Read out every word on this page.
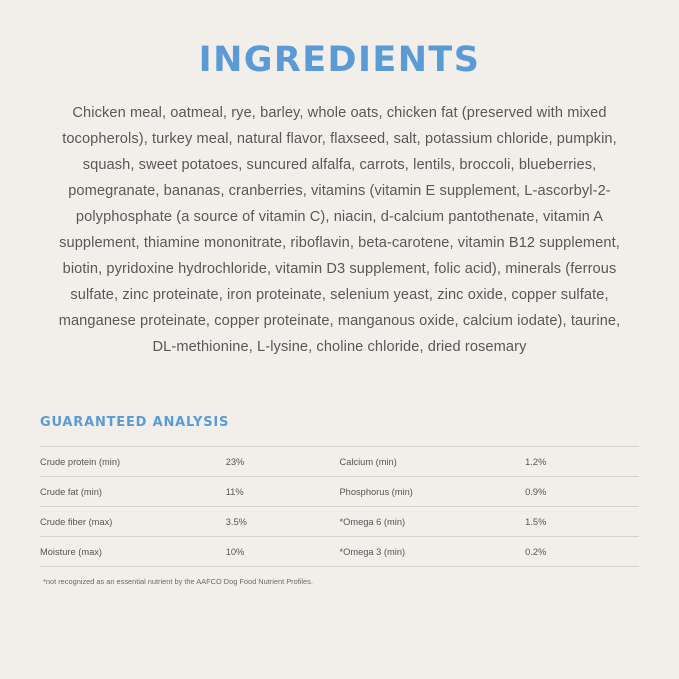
INGREDIENTS

Chicken meal, oatmeal, rye, barley, whole oats, chicken fat (preserved with mixed tocopherols), turkey meal, natural flavor, flaxseed, salt, potassium chloride, pumpkin, squash, sweet potatoes, suncured alfalfa, carrots, lentils, broccoli, blueberries, pomegranate, bananas, cranberries, vitamins (vitamin E supplement, L-ascorbyl-2-polyphosphate (a source of vitamin C), niacin, d-calcium pantothenate, vitamin A supplement, thiamine mononitrate, riboflavin, beta-carotene, vitamin B12 supplement, biotin, pyridoxine hydrochloride, vitamin D3 supplement, folic acid), minerals (ferrous sulfate, zinc proteinate, iron proteinate, selenium yeast, zinc oxide, copper sulfate, manganese proteinate, copper proteinate, manganous oxide, calcium iodate), taurine, DL-methionine, L-lysine, choline chloride, dried rosemary

GUARANTEED ANALYSIS
Crude protein (min)	23%	Calcium (min)	1.2%
Crude fat (min)	11%	Phosphorus (min)	0.9%
Crude fiber (max)	3.5%	*Omega 6 (min)	1.5%
Moisture (max)	10%	*Omega 3 (min)	0.2%
*not recognized as an essential nutrient by the AAFCO Dog Food Nutrient Profiles.
